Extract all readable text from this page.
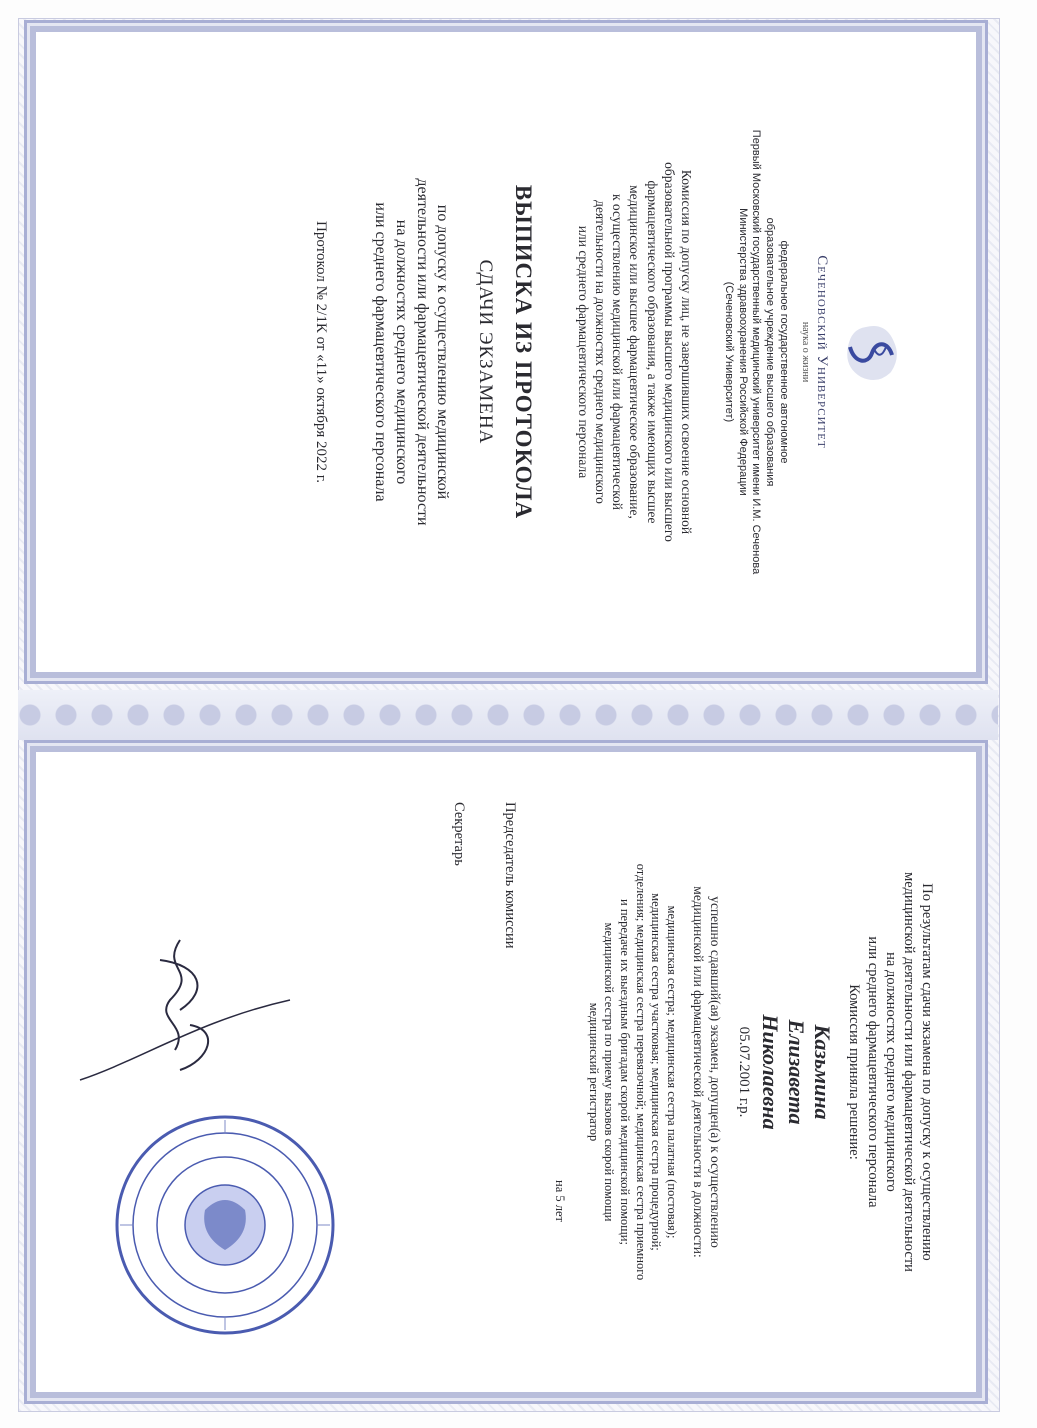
Сеченовский Университет
наука о жизни
федеральное государственное автономное
образовательное учреждение высшего образования
Первый Московский государственный медицинский университет имени И.М. Сеченова
Министерства здравоохранения Российской Федерации
(Сеченовский Университет)
Комиссия по допуску лиц, не завершивших освоение основной
образовательной программы высшего медицинского или высшего
фармацевтического образования, а также имеющих высшее
медицинское или высшее фармацевтическое образование,
к осуществлению медицинской или фармацевтической
деятельности на должностях среднего медицинского
или среднего фармацевтического персонала
ВЫПИСКА ИЗ ПРОТОКОЛА
СДАЧИ ЭКЗАМЕНА
по допуску к осуществлению медицинской
деятельности или фармацевтической деятельности
на должностях среднего медицинского
или среднего фармацевтического персонала
Протокол № 2/1К от «11» октября 2022 г.
По результатам сдачи экзамена по допуску к осуществлению
медицинской деятельности или фармацевтической деятельности
на должностях среднего медицинского
или среднего фармацевтического персонала
Комиссия приняла решение:
Казьмина
Елизавета
Николаевна
05.07.2001 г.р.
успешно сдавший(ая) экзамен, допущен(а) к осуществлению
медицинской или фармацевтической деятельности в должности:
медицинская сестра; медицинская сестра палатная (постовая);
медицинская сестра участковая; медицинская сестра процедурной;
отделения; медицинская сестра перевязочной; медицинская сестра приемного
и передаче их выездным бригадам скорой медицинской помощи;
медицинской сестра по приему вызовов скорой помощи
медицинский регистратор
на 5 лет
Председатель комиссии
Секретарь
